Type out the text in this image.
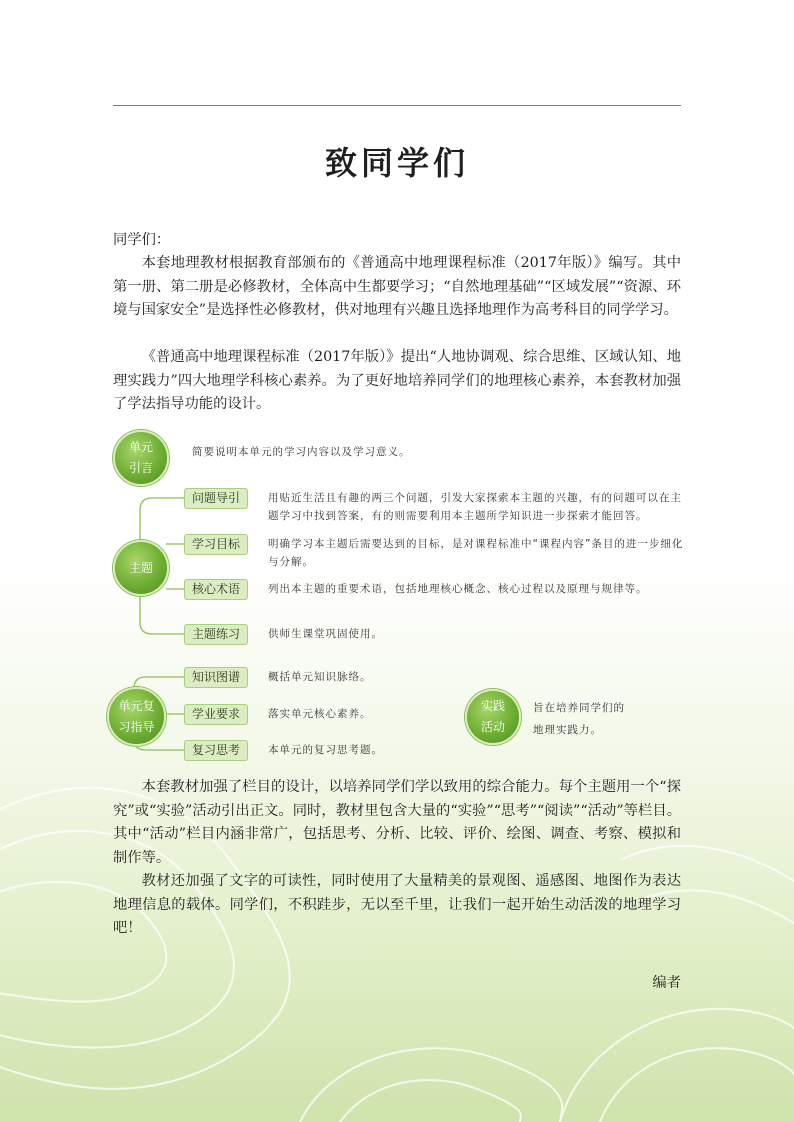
致同学们

同学们：

本套地理教材根据教育部颁布的《普通高中地理课程标准（2017年版）》编写。其中第一册、第二册是必修教材，全体高中生都要学习；“自然地理基础”“区域发展”“资源、环境与国家安全”是选择性必修教材，供对地理有兴趣且选择地理作为高考科目的同学学习。

《普通高中地理课程标准（2017年版）》提出“人地协调观、综合思维、区域认知、地理实践力”四大地理学科核心素养。为了更好地培养同学们的地理核心素养，本套教材加强了学法指导功能的设计。

单元
引言
简要说明本单元的学习内容以及学习意义。
主题
问题导引	用贴近生活且有趣的两三个问题，引发大家探索本主题的兴趣，有的问题可以在主题学习中找到答案，有的则需要利用本主题所学知识进一步探索才能回答。
学习目标	明确学习本主题后需要达到的目标，是对课程标准中“课程内容”条目的进一步细化与分解。
核心术语	列出本主题的重要术语，包括地理核心概念、核心过程以及原理与规律等。
主题练习	供师生课堂巩固使用。
单元复
习指导
知识图谱	概括单元知识脉络。
学业要求	落实单元核心素养。
复习思考	本单元的复习思考题。
实践
活动
旨在培养同学们的
地理实践力。

本套教材加强了栏目的设计，以培养同学们学以致用的综合能力。每个主题用一个“探究”或“实验”活动引出正文。同时，教材里包含大量的“实验”“思考”“阅读”“活动”等栏目。其中“活动”栏目内涵非常广，包括思考、分析、比较、评价、绘图、调查、考察、模拟和制作等。

教材还加强了文字的可读性，同时使用了大量精美的景观图、遥感图、地图作为表达地理信息的载体。同学们，不积跬步，无以至千里，让我们一起开始生动活泼的地理学习吧！

编者
